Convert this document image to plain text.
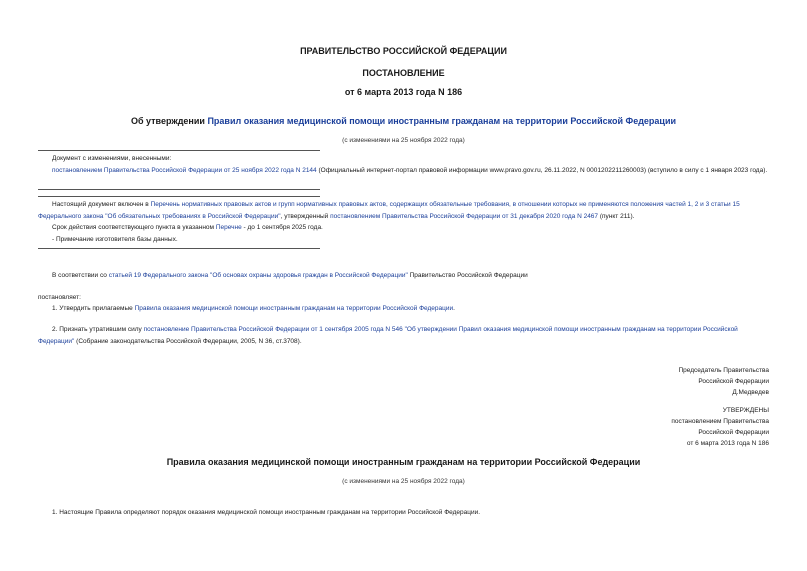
ПРАВИТЕЛЬСТВО РОССИЙСКОЙ ФЕДЕРАЦИИ
ПОСТАНОВЛЕНИЕ
от 6 марта 2013 года N 186
Об утверждении Правил оказания медицинской помощи иностранным гражданам на территории Российской Федерации
(с изменениями на 25 ноября 2022 года)

Документ с изменениями, внесенными:

постановлением Правительства Российской Федерации от 25 ноября 2022 года N 2144 (Официальный интернет-портал правовой информации www.pravo.gov.ru, 26.11.2022, N 0001202211260003) (вступило в силу с 1 января 2023 года).

Настоящий документ включен в Перечень нормативных правовых актов и групп нормативных правовых актов, содержащих обязательные требования, в отношении которых не применяются положения частей 1, 2 и 3 статьи 15 Федерального закона "Об обязательных требованиях в Российской Федерации", утвержденный постановлением Правительства Российской Федерации от 31 декабря 2020 года N 2467 (пункт 211).

Срок действия соответствующего пункта в указанном Перечне - до 1 сентября 2025 года.

- Примечание изготовителя базы данных.

В соответствии со статьей 19 Федерального закона "Об основах охраны здоровья граждан в Российской Федерации" Правительство Российской Федерации

постановляет:

1. Утвердить прилагаемые Правила оказания медицинской помощи иностранным гражданам на территории Российской Федерации.

2. Признать утратившим силу постановление Правительства Российской Федерации от 1 сентября 2005 года N 546 "Об утверждении Правил оказания медицинской помощи иностранным гражданам на территории Российской Федерации" (Собрание законодательства Российской Федерации, 2005, N 36, ст.3708).

Председатель Правительства
Российской Федерации
Д.Медведев
УТВЕРЖДЕНЫ
постановлением Правительства
Российской Федерации
от 6 марта 2013 года N 186
Правила оказания медицинской помощи иностранным гражданам на территории Российской Федерации
(с изменениями на 25 ноября 2022 года)

1. Настоящие Правила определяют порядок оказания медицинской помощи иностранным гражданам на территории Российской Федерации.
